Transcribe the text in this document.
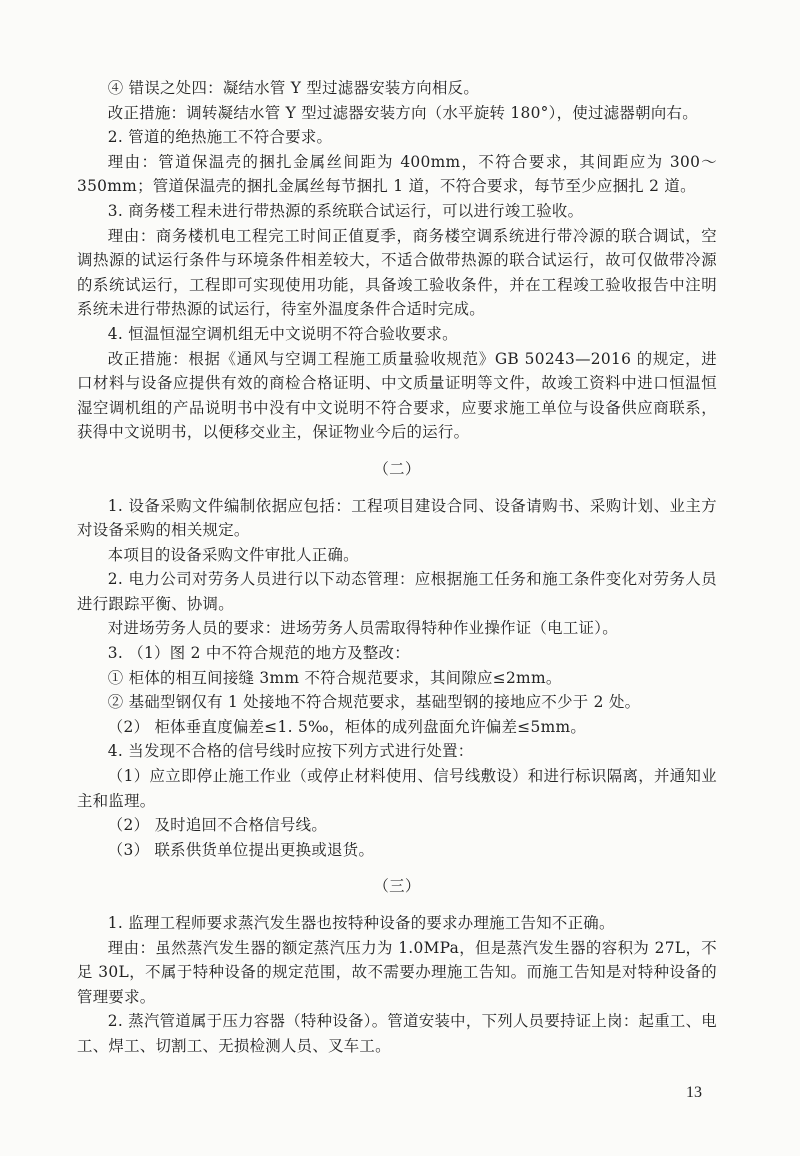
④ 错误之处四：凝结水管 Y 型过滤器安装方向相反。

改正措施：调转凝结水管 Y 型过滤器安装方向（水平旋转 180°），使过滤器朝向右。

2. 管道的绝热施工不符合要求。

理由：管道保温壳的捆扎金属丝间距为 400mm，不符合要求，其间距应为 300～350mm；管道保温壳的捆扎金属丝每节捆扎 1 道，不符合要求，每节至少应捆扎 2 道。

3. 商务楼工程未进行带热源的系统联合试运行，可以进行竣工验收。

理由：商务楼机电工程完工时间正值夏季，商务楼空调系统进行带冷源的联合调试，空调热源的试运行条件与环境条件相差较大，不适合做带热源的联合试运行，故可仅做带冷源的系统试运行，工程即可实现使用功能，具备竣工验收条件，并在工程竣工验收报告中注明系统未进行带热源的试运行，待室外温度条件合适时完成。

4. 恒温恒湿空调机组无中文说明不符合验收要求。

改正措施：根据《通风与空调工程施工质量验收规范》GB 50243—2016 的规定，进口材料与设备应提供有效的商检合格证明、中文质量证明等文件，故竣工资料中进口恒温恒湿空调机组的产品说明书中没有中文说明不符合要求，应要求施工单位与设备供应商联系，获得中文说明书，以便移交业主，保证物业今后的运行。

（二）

1. 设备采购文件编制依据应包括：工程项目建设合同、设备请购书、采购计划、业主方对设备采购的相关规定。

本项目的设备采购文件审批人正确。

2. 电力公司对劳务人员进行以下动态管理：应根据施工任务和施工条件变化对劳务人员进行跟踪平衡、协调。

对进场劳务人员的要求：进场劳务人员需取得特种作业操作证（电工证）。

3. （1）图 2 中不符合规范的地方及整改：

① 柜体的相互间接缝 3mm 不符合规范要求，其间隙应≤2mm。

② 基础型钢仅有 1 处接地不符合规范要求，基础型钢的接地应不少于 2 处。

（2） 柜体垂直度偏差≤1. 5‰，柜体的成列盘面允许偏差≤5mm。

4. 当发现不合格的信号线时应按下列方式进行处置：

（1）应立即停止施工作业（或停止材料使用、信号线敷设）和进行标识隔离，并通知业主和监理。

（2） 及时追回不合格信号线。

（3） 联系供货单位提出更换或退货。

（三）

1. 监理工程师要求蒸汽发生器也按特种设备的要求办理施工告知不正确。

理由：虽然蒸汽发生器的额定蒸汽压力为 1.0MPa，但是蒸汽发生器的容积为 27L，不足 30L，不属于特种设备的规定范围，故不需要办理施工告知。而施工告知是对特种设备的管理要求。

2. 蒸汽管道属于压力容器（特种设备）。管道安装中，下列人员要持证上岗：起重工、电工、焊工、切割工、无损检测人员、叉车工。

13
